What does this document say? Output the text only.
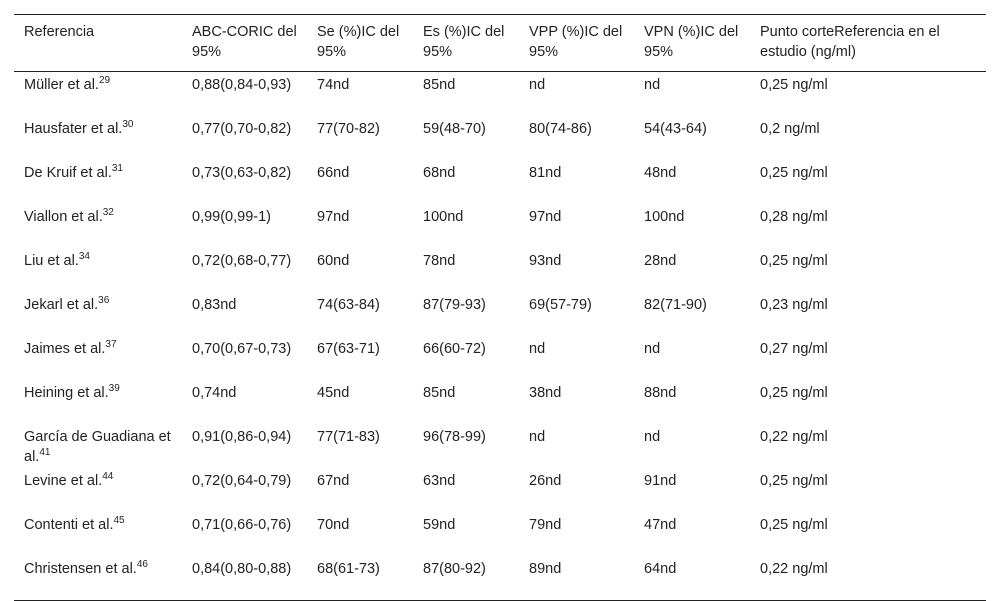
Referencia	ABC-CORIC del 95%	Se (%)IC del 95%	Es (%)IC del 95%	VPP (%)IC del 95%	VPN (%)IC del 95%	Punto corteReferencia en el estudio (ng/ml)
Müller et al.$^{29}$	0,88(0,84-0,93)	74nd	85nd	nd	nd	0,25 ng/ml
Hausfater et al.$^{30}$	0,77(0,70-0,82)	77(70-82)	59(48-70)	80(74-86)	54(43-64)	0,2 ng/ml
De Kruif et al.$^{31}$	0,73(0,63-0,82)	66nd	68nd	81nd	48nd	0,25 ng/ml
Viallon et al.$^{32}$	0,99(0,99-1)	97nd	100nd	97nd	100nd	0,28 ng/ml
Liu et al.$^{34}$	0,72(0,68-0,77)	60nd	78nd	93nd	28nd	0,25 ng/ml
Jekarl et al.$^{36}$	0,83nd	74(63-84)	87(79-93)	69(57-79)	82(71-90)	0,23 ng/ml
Jaimes et al.$^{37}$	0,70(0,67-0,73)	67(63-71)	66(60-72)	nd	nd	0,27 ng/ml
Heining et al.$^{39}$	0,74nd	45nd	85nd	38nd	88nd	0,25 ng/ml
García de Guadiana et al.$^{41}$	0,91(0,86-0,94)	77(71-83)	96(78-99)	nd	nd	0,22 ng/ml
Levine et al.$^{44}$	0,72(0,64-0,79)	67nd	63nd	26nd	91nd	0,25 ng/ml
Contenti et al.$^{45}$	0,71(0,66-0,76)	70nd	59nd	79nd	47nd	0,25 ng/ml
Christensen et al.$^{46}$	0,84(0,80-0,88)	68(61-73)	87(80-92)	89nd	64nd	0,22 ng/ml
